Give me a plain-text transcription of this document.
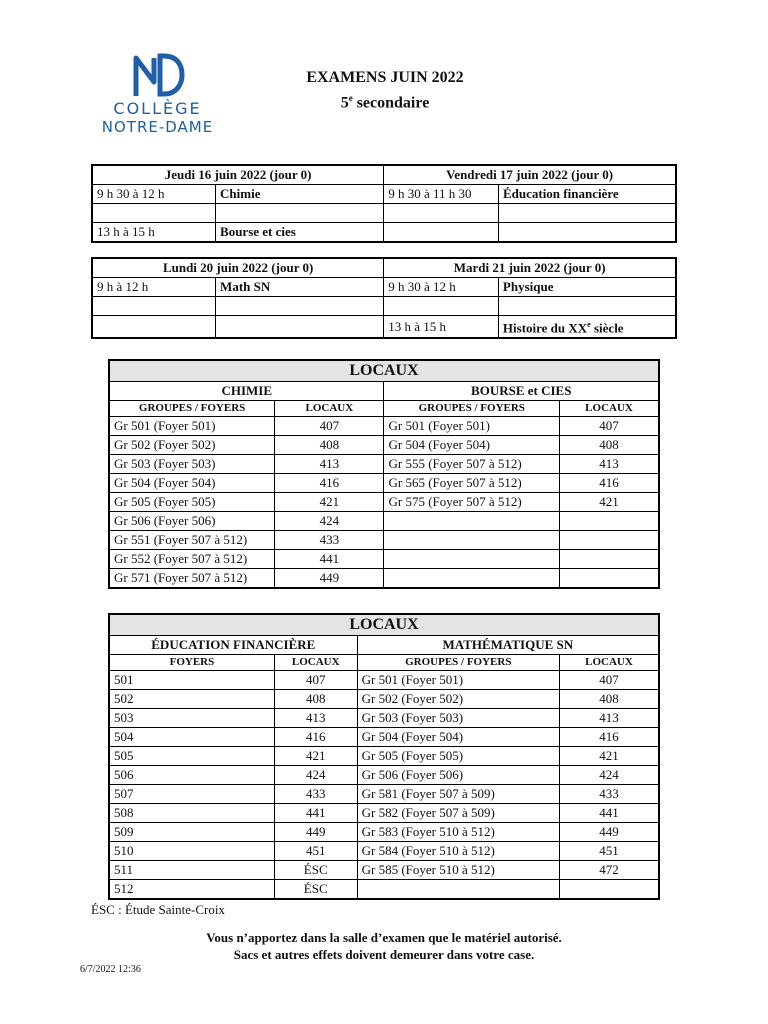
COLLÈGE
NOTRE-DAME
EXAMENS JUIN 2022
5e secondaire
Jeudi 16 juin 2022 (jour 0)		Vendredi 17 juin 2022 (jour 0)	
9 h 30 à 12 h	Chimie	9 h 30 à 11 h 30	Éducation financière

13 h à 15 h	Bourse et cies		
Lundi 20 juin 2022 (jour 0)		Mardi 21 juin 2022 (jour 0)	
9 h à 12 h	Math SN	9 h 30 à 12 h	Physique

		13 h à 15 h	Histoire du XXe siècle
LOCAUX			
CHIMIE		BOURSE et CIES	
GROUPES / FOYERS	LOCAUX	GROUPES / FOYERS	LOCAUX
Gr 501 (Foyer 501)	407	Gr 501 (Foyer 501)	407
Gr 502 (Foyer 502)	408	Gr 504 (Foyer 504)	408
Gr 503 (Foyer 503)	413	Gr 555 (Foyer 507 à 512)	413
Gr 504 (Foyer 504)	416	Gr 565 (Foyer 507 à 512)	416
Gr 505 (Foyer 505)	421	Gr 575 (Foyer 507 à 512)	421
Gr 506 (Foyer 506)	424		
Gr 551 (Foyer 507 à 512)	433		
Gr 552 (Foyer 507 à 512)	441		
Gr 571 (Foyer 507 à 512)	449		
LOCAUX			
ÉDUCATION FINANCIÈRE		MATHÉMATIQUE SN	
FOYERS	LOCAUX	GROUPES / FOYERS	LOCAUX
501	407	Gr 501 (Foyer 501)	407
502	408	Gr 502 (Foyer 502)	408
503	413	Gr 503 (Foyer 503)	413
504	416	Gr 504 (Foyer 504)	416
505	421	Gr 505 (Foyer 505)	421
506	424	Gr 506 (Foyer 506)	424
507	433	Gr 581 (Foyer 507 à 509)	433
508	441	Gr 582 (Foyer 507 à 509)	441
509	449	Gr 583 (Foyer 510 à 512)	449
510	451	Gr 584 (Foyer 510 à 512)	451
511	ÉSC	Gr 585 (Foyer 510 à 512)	472
512	ÉSC		
ÉSC : Étude Sainte-Croix
Vous n’apportez dans la salle d’examen que le matériel autorisé.
Sacs et autres effets doivent demeurer dans votre case.
6/7/2022 12:36
